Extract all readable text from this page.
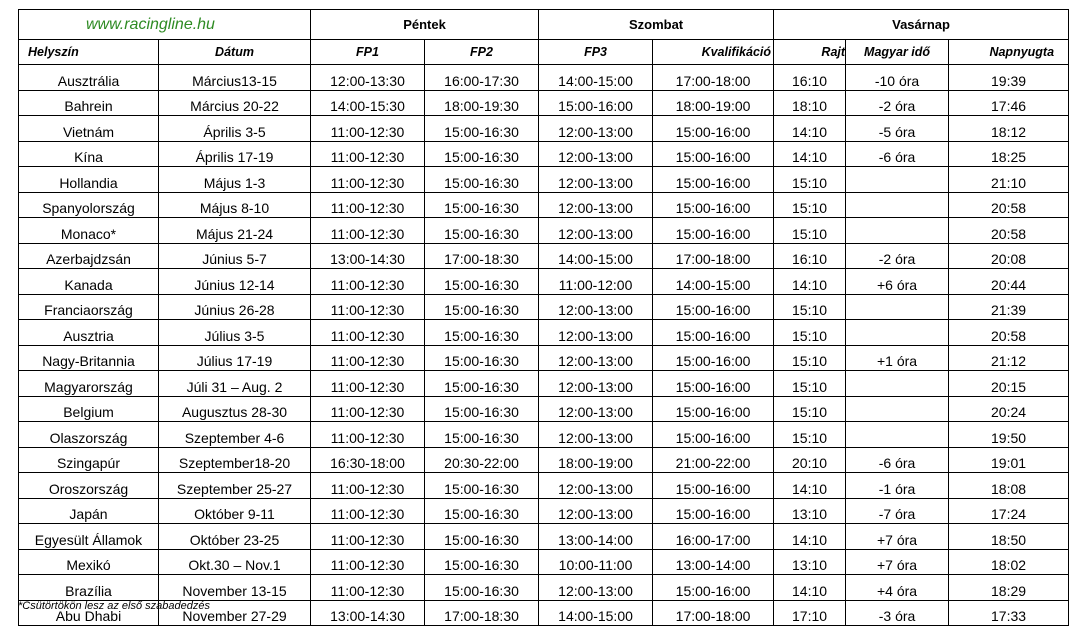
www.racingline.hu		Péntek		Szombat		Vasárnap		
Helyszín	Dátum	FP1	FP2	FP3	Kvalifikáció	Rajt	Magyar idő	Napnyugta
Ausztrália	Március13-15	12:00-13:30	16:00-17:30	14:00-15:00	17:00-18:00	16:10	-10 óra	19:39
Bahrein	Március 20-22	14:00-15:30	18:00-19:30	15:00-16:00	18:00-19:00	18:10	-2 óra	17:46
Vietnám	Április 3-5	11:00-12:30	15:00-16:30	12:00-13:00	15:00-16:00	14:10	-5 óra	18:12
Kína	Április 17-19	11:00-12:30	15:00-16:30	12:00-13:00	15:00-16:00	14:10	-6 óra	18:25
Hollandia	Május 1-3	11:00-12:30	15:00-16:30	12:00-13:00	15:00-16:00	15:10		21:10
Spanyolország	Május 8-10	11:00-12:30	15:00-16:30	12:00-13:00	15:00-16:00	15:10		20:58
Monaco*	Május 21-24	11:00-12:30	15:00-16:30	12:00-13:00	15:00-16:00	15:10		20:58
Azerbajdzsán	Június 5-7	13:00-14:30	17:00-18:30	14:00-15:00	17:00-18:00	16:10	-2 óra	20:08
Kanada	Június 12-14	11:00-12:30	15:00-16:30	11:00-12:00	14:00-15:00	14:10	+6 óra	20:44
Franciaország	Június 26-28	11:00-12:30	15:00-16:30	12:00-13:00	15:00-16:00	15:10		21:39
Ausztria	Július 3-5	11:00-12:30	15:00-16:30	12:00-13:00	15:00-16:00	15:10		20:58
Nagy-Britannia	Július 17-19	11:00-12:30	15:00-16:30	12:00-13:00	15:00-16:00	15:10	+1 óra	21:12
Magyarország	Júli 31 – Aug. 2	11:00-12:30	15:00-16:30	12:00-13:00	15:00-16:00	15:10		20:15
Belgium	Augusztus 28-30	11:00-12:30	15:00-16:30	12:00-13:00	15:00-16:00	15:10		20:24
Olaszország	Szeptember 4-6	11:00-12:30	15:00-16:30	12:00-13:00	15:00-16:00	15:10		19:50
Szingapúr	Szeptember18-20	16:30-18:00	20:30-22:00	18:00-19:00	21:00-22:00	20:10	-6 óra	19:01
Oroszország	Szeptember 25-27	11:00-12:30	15:00-16:30	12:00-13:00	15:00-16:00	14:10	-1 óra	18:08
Japán	Október 9-11	11:00-12:30	15:00-16:30	12:00-13:00	15:00-16:00	13:10	-7 óra	17:24
Egyesült Államok	Október 23-25	11:00-12:30	15:00-16:30	13:00-14:00	16:00-17:00	14:10	+7 óra	18:50
Mexikó	Okt.30 – Nov.1	11:00-12:30	15:00-16:30	10:00-11:00	13:00-14:00	13:10	+7 óra	18:02
Brazília	November 13-15	11:00-12:30	15:00-16:30	12:00-13:00	15:00-16:00	14:10	+4 óra	18:29
Abu Dhabi	November 27-29	13:00-14:30	17:00-18:30	14:00-15:00	17:00-18:00	17:10	-3 óra	17:33
*Csütörtökön lesz az első szabadedzés
